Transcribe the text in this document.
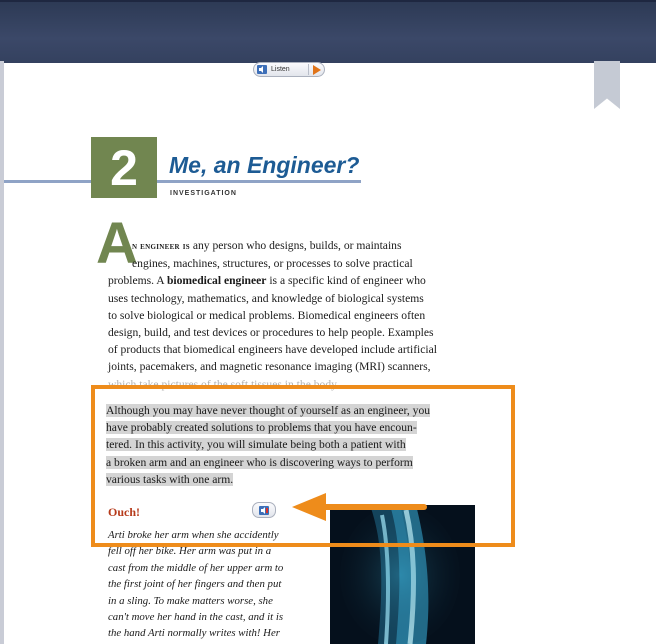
Listen
2	Me, an Engineer?
INVESTIGATION
A
n engineer is any person who designs, builds, or maintains
engines, machines, structures, or processes to solve practical
problems. A biomedical engineer is a specific kind of engineer who
uses technology, mathematics, and knowledge of biological systems
to solve biological or medical problems. Biomedical engineers often
design, build, and test devices or procedures to help people. Examples
of products that biomedical engineers have developed include artificial
joints, pacemakers, and magnetic resonance imaging (MRI) scanners,
which take pictures of the soft tissues in the body.
Although you may have never thought of yourself as an engineer, you
have probably created solutions to problems that you have encoun-
tered. In this activity, you will simulate being both a patient with
a broken arm and an engineer who is discovering ways to perform
various tasks with one arm.
Ouch!
Arti broke her arm when she accidently
fell off her bike. Her arm was put in a
cast from the middle of her upper arm to
the first joint of her fingers and then put
in a sling. To make matters worse, she
can't move her hand in the cast, and it is
the hand Arti normally writes with! Her
